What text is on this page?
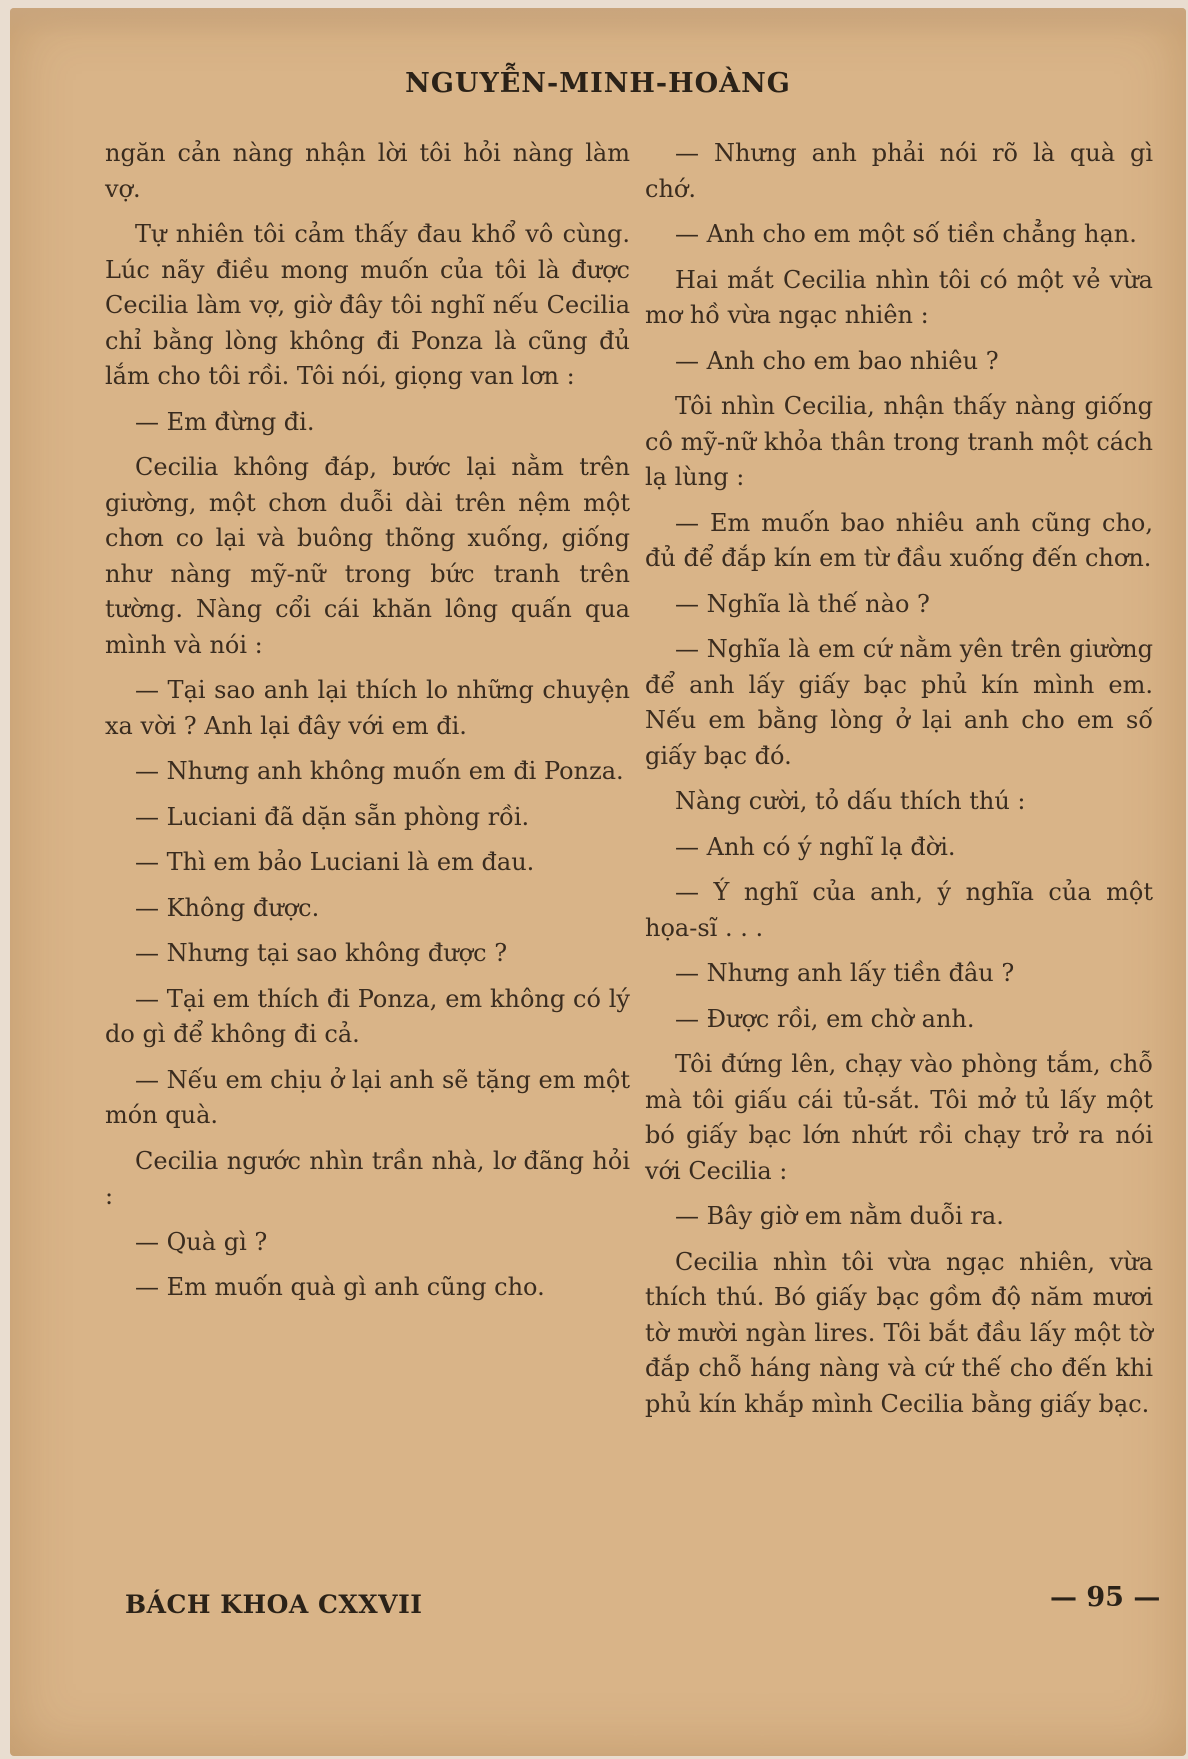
NGUYỄN-MINH-HOÀNG

ngăn cản nàng nhận lời tôi hỏi nàng làm vợ.

Tự nhiên tôi cảm thấy đau khổ vô cùng. Lúc nãy điều mong muốn của tôi là được Cecilia làm vợ, giờ đây tôi nghĩ nếu Cecilia chỉ bằng lòng không đi Ponza là cũng đủ lắm cho tôi rồi. Tôi nói, giọng van lơn :

— Em đừng đi.

Cecilia không đáp, bước lại nằm trên giường, một chơn duỗi dài trên nệm một chơn co lại và buông thõng xuống, giống như nàng mỹ-nữ trong bức tranh trên tường. Nàng cổi cái khăn lông quấn qua mình và nói :

— Tại sao anh lại thích lo những chuyện xa vời ? Anh lại đây với em đi.

— Nhưng anh không muốn em đi Ponza.

— Luciani đã dặn sẵn phòng rồi.

— Thì em bảo Luciani là em đau.

— Không được.

— Nhưng tại sao không được ?

— Tại em thích đi Ponza, em không có lý do gì để không đi cả.

— Nếu em chịu ở lại anh sẽ tặng em một món quà.

Cecilia ngước nhìn trần nhà, lơ đãng hỏi :

— Quà gì ?

— Em muốn quà gì anh cũng cho.

— Nhưng anh phải nói rõ là quà gì chớ.

— Anh cho em một số tiền chẳng hạn.

Hai mắt Cecilia nhìn tôi có một vẻ vừa mơ hồ vừa ngạc nhiên :

— Anh cho em bao nhiêu ?

Tôi nhìn Cecilia, nhận thấy nàng giống cô mỹ-nữ khỏa thân trong tranh một cách lạ lùng :

— Em muốn bao nhiêu anh cũng cho, đủ để đắp kín em từ đầu xuống đến chơn.

— Nghĩa là thế nào ?

— Nghĩa là em cứ nằm yên trên giường để anh lấy giấy bạc phủ kín mình em. Nếu em bằng lòng ở lại anh cho em số giấy bạc đó.

Nàng cười, tỏ dấu thích thú :

— Anh có ý nghĩ lạ đời.

— Ý nghĩ của anh, ý nghĩa của một họa-sĩ . . .

— Nhưng anh lấy tiền đâu ?

— Được rồi, em chờ anh.

Tôi đứng lên, chạy vào phòng tắm, chỗ mà tôi giấu cái tủ-sắt. Tôi mở tủ lấy một bó giấy bạc lớn nhứt rồi chạy trở ra nói với Cecilia :

— Bây giờ em nằm duỗi ra.

Cecilia nhìn tôi vừa ngạc nhiên, vừa thích thú. Bó giấy bạc gồm độ năm mươi tờ mười ngàn lires. Tôi bắt đầu lấy một tờ đắp chỗ háng nàng và cứ thế cho đến khi phủ kín khắp mình Cecilia bằng giấy bạc.

BÁCH KHOA CXXVII	— 95 —
